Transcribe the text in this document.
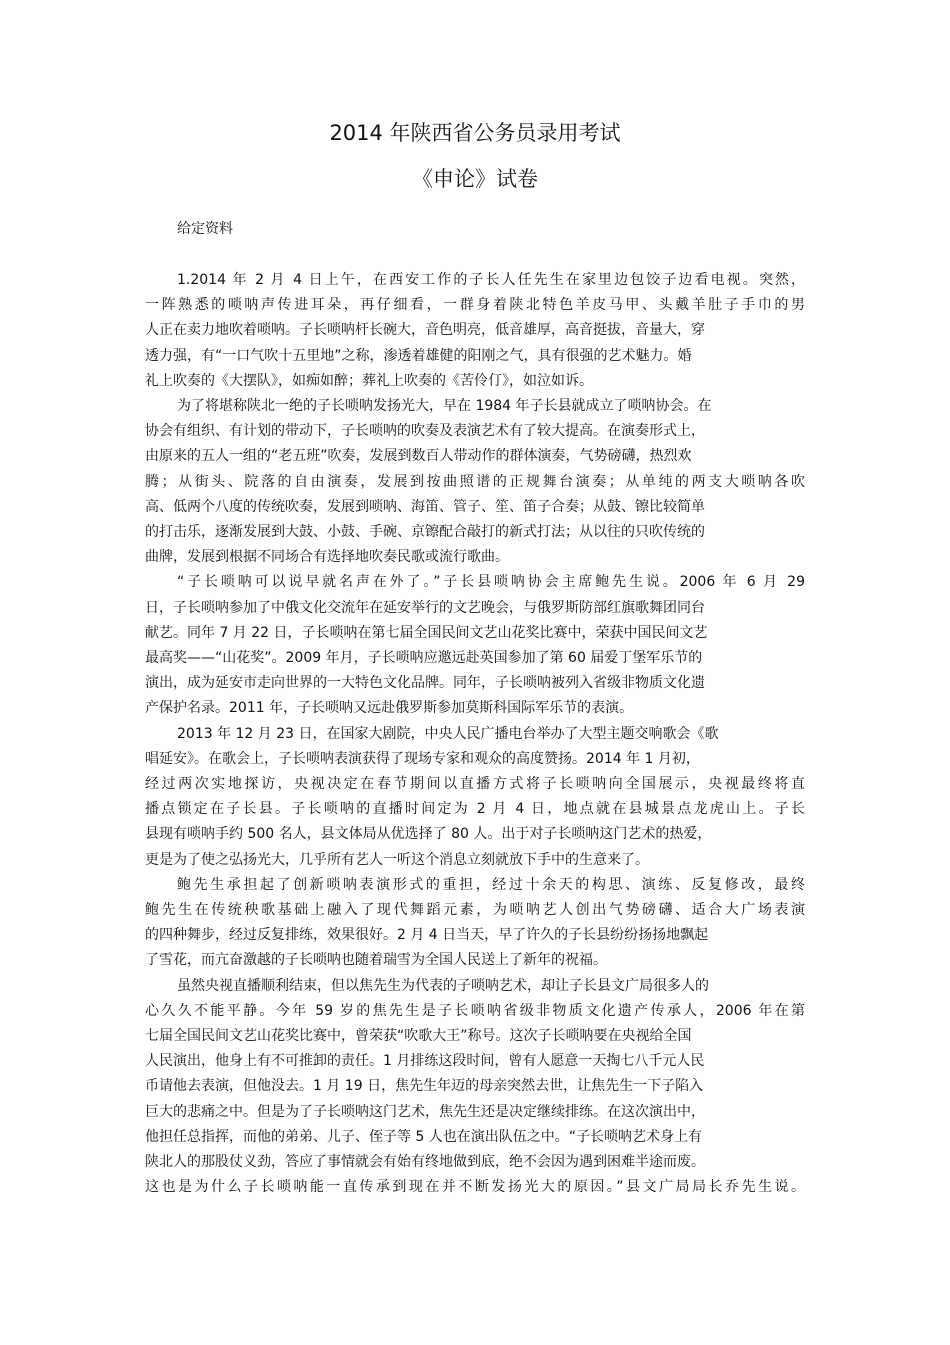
2014 年陕西省公务员录用考试
《申论》试卷
给定资料
1.2014 年 2 月 4 日上午，在西安工作的子长人任先生在家里边包饺子边看电视。突然，
一阵熟悉的唢呐声传进耳朵，再仔细看，一群身着陕北特色羊皮马甲、头戴羊肚子手巾的男
人正在卖力地吹着唢呐。子长唢呐杆长碗大，音色明亮，低音雄厚，高音挺拔，音量大，穿
透力强，有“一口气吹十五里地”之称，渗透着雄健的阳刚之气，具有很强的艺术魅力。婚
礼上吹奏的《大摆队》，如痴如醉；葬礼上吹奏的《苦伶仃》，如泣如诉。
为了将堪称陕北一绝的子长唢呐发扬光大，早在 1984 年子长县就成立了唢呐协会。在
协会有组织、有计划的带动下，子长唢呐的吹奏及表演艺术有了较大提高。在演奏形式上，
由原来的五人一组的“老五班”吹奏，发展到数百人带动作的群体演奏，气势磅礴，热烈欢
腾；从街头、院落的自由演奏，发展到按曲照谱的正规舞台演奏；从单纯的两支大唢呐各吹
高、低两个八度的传统吹奏，发展到唢呐、海笛、管子、笙、笛子合奏；从鼓、镲比较简单
的打击乐，逐渐发展到大鼓、小鼓、手碗、京镲配合敲打的新式打法；从以往的只吹传统的
曲牌，发展到根据不同场合有选择地吹奏民歌或流行歌曲。
“子长唢呐可以说早就名声在外了。”子长县唢呐协会主席鲍先生说。2006 年 6 月 29
日，子长唢呐参加了中俄文化交流年在延安举行的文艺晚会，与俄罗斯防部红旗歌舞团同台
献艺。同年 7 月 22 日，子长唢呐在第七届全国民间文艺山花奖比赛中，荣获中国民间文艺
最高奖——“山花奖”。2009 年月，子长唢呐应邀远赴英国参加了第 60 届爱丁堡军乐节的
演出，成为延安市走向世界的一大特色文化品牌。同年，子长唢呐被列入省级非物质文化遗
产保护名录。2011 年，子长唢呐又远赴俄罗斯参加莫斯科国际军乐节的表演。
2013 年 12 月 23 日，在国家大剧院，中央人民广播电台举办了大型主题交响歌会《歌
唱延安》。在歌会上，子长唢呐表演获得了现场专家和观众的高度赞扬。2014 年 1 月初，
经过两次实地探访，央视决定在春节期间以直播方式将子长唢呐向全国展示，央视最终将直
播点锁定在子长县。子长唢呐的直播时间定为 2 月 4 日，地点就在县城景点龙虎山上。子长
县现有唢呐手约 500 名人，县文体局从优选择了 80 人。出于对子长唢呐这门艺术的热爱，
更是为了使之弘扬光大，几乎所有艺人一听这个消息立刻就放下手中的生意来了。
鲍先生承担起了创新唢呐表演形式的重担，经过十余天的构思、演练、反复修改，最终
鲍先生在传统秧歌基础上融入了现代舞蹈元素，为唢呐艺人创出气势磅礴、适合大广场表演
的四种舞步，经过反复排练，效果很好。2 月 4 日当天，早了许久的子长县纷纷扬扬地飘起
了雪花，而亢奋激越的子长唢呐也随着瑞雪为全国人民送上了新年的祝福。
虽然央视直播顺利结束，但以焦先生为代表的子唢呐艺术，却让子长县文广局很多人的
心久久不能平静。今年 59 岁的焦先生是子长唢呐省级非物质文化遗产传承人，2006 年在第
七届全国民间文艺山花奖比赛中，曾荣获“吹歌大王”称号。这次子长唢呐要在央视给全国
人民演出，他身上有不可推卸的责任。1 月排练这段时间，曾有人愿意一天掏七八千元人民
币请他去表演，但他没去。1 月 19 日，焦先生年迈的母亲突然去世，让焦先生一下子陷入
巨大的悲痛之中。但是为了子长唢呐这门艺术，焦先生还是决定继续排练。在这次演出中，
他担任总指挥，而他的弟弟、儿子、侄子等 5 人也在演出队伍之中。“子长唢呐艺术身上有
陕北人的那股仗义劲，答应了事情就会有始有终地做到底，绝不会因为遇到困难半途而废。
这也是为什么子长唢呐能一直传承到现在并不断发扬光大的原因。”县文广局局长乔先生说。
